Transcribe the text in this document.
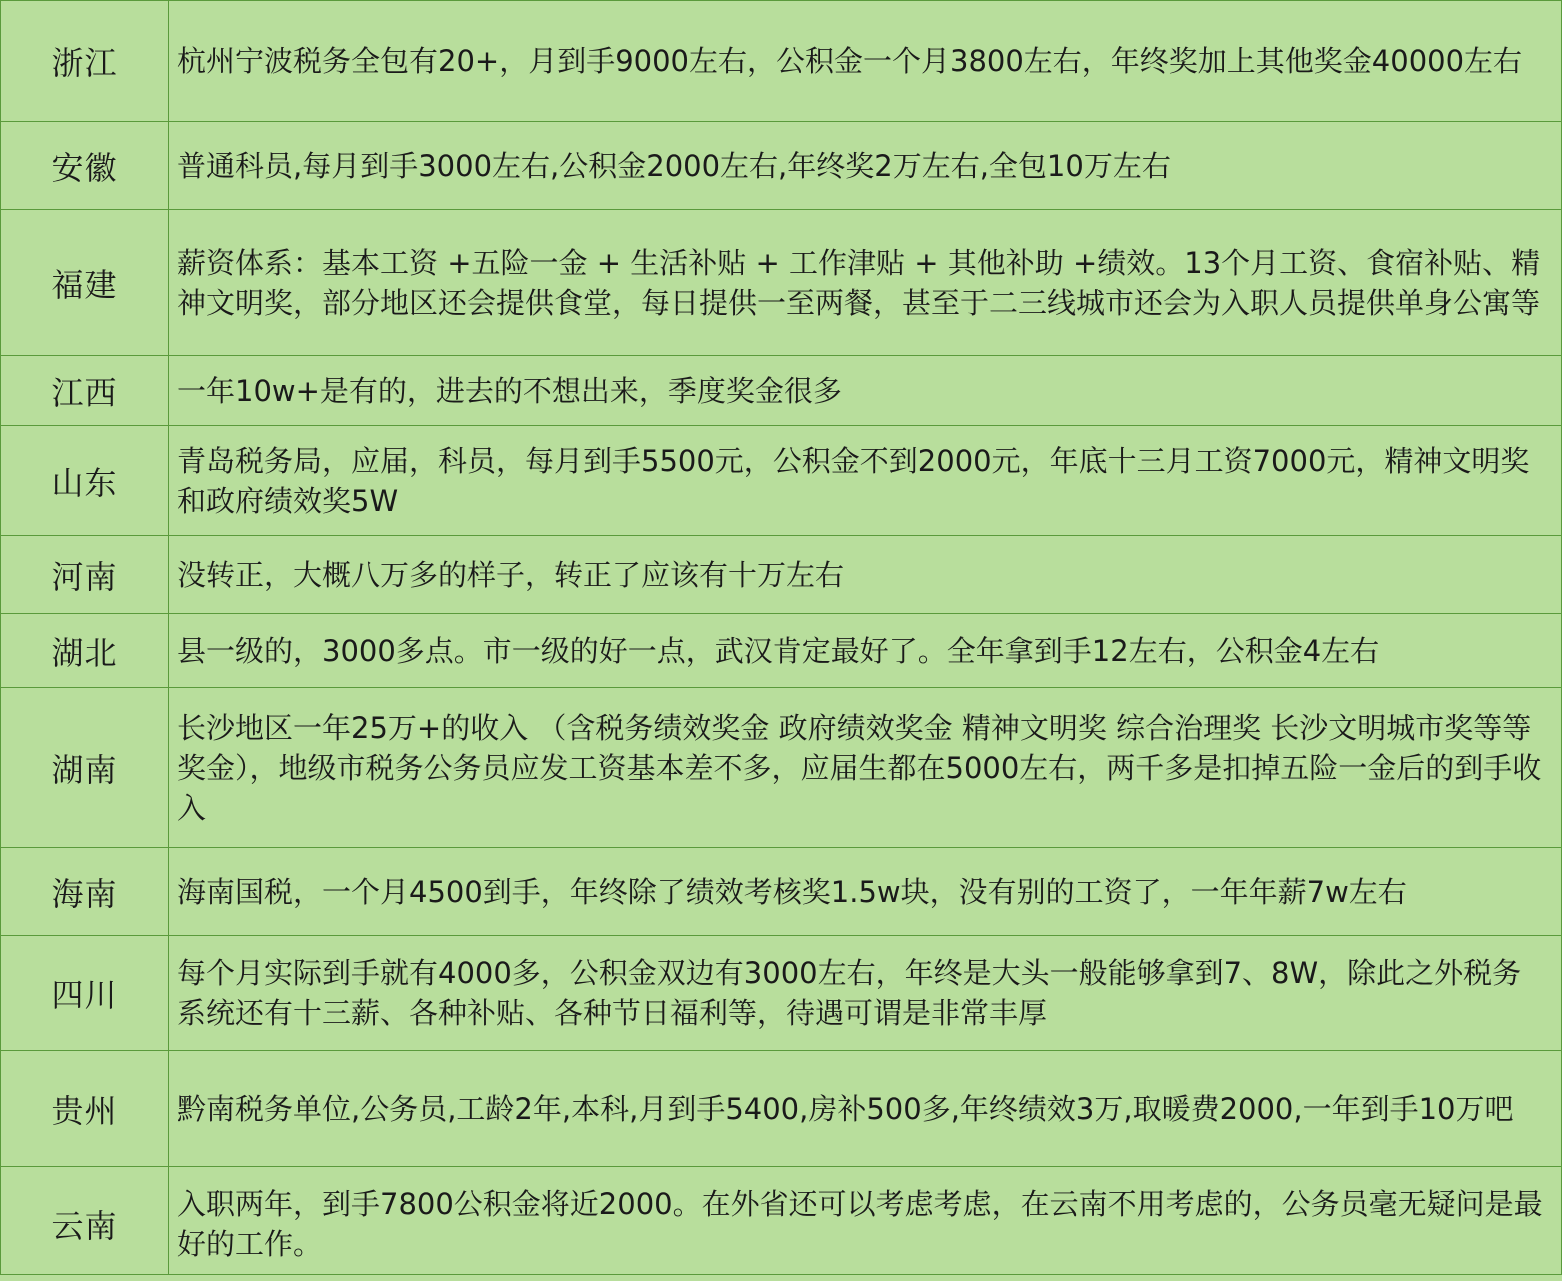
浙江	杭州宁波税务全包有20+，月到手9000左右，公积金一个月3800左右，年终奖加上其他奖金40000左右
安徽	普通科员,每月到手3000左右,公积金2000左右,年终奖2万左右,全包10万左右
福建	薪资体系：基本工资 +五险一金 + 生活补贴 + 工作津贴 + 其他补助 +绩效。13个月工资、食宿补贴、精神文明奖，部分地区还会提供食堂，每日提供一至两餐，甚至于二三线城市还会为入职人员提供单身公寓等
江西	一年10w+是有的，进去的不想出来，季度奖金很多
山东	青岛税务局，应届，科员，每月到手5500元，公积金不到2000元，年底十三月工资7000元，精神文明奖和政府绩效奖5W
河南	没转正，大概八万多的样子，转正了应该有十万左右
湖北	县一级的，3000多点。市一级的好一点，武汉肯定最好了。全年拿到手12左右，公积金4左右
湖南	长沙地区一年25万+的收入 （含税务绩效奖金 政府绩效奖金 精神文明奖 综合治理奖 长沙文明城市奖等等奖金），地级市税务公务员应发工资基本差不多，应届生都在5000左右，两千多是扣掉五险一金后的到手收入
海南	海南国税，一个月4500到手，年终除了绩效考核奖1.5w块，没有别的工资了，一年年薪7w左右
四川	每个月实际到手就有4000多，公积金双边有3000左右，年终是大头一般能够拿到7、8W，除此之外税务系统还有十三薪、各种补贴、各种节日福利等，待遇可谓是非常丰厚
贵州	黔南税务单位,公务员,工龄2年,本科,月到手5400,房补500多,年终绩效3万,取暖费2000,一年到手10万吧
云南	入职两年，到手7800公积金将近2000。在外省还可以考虑考虑，在云南不用考虑的，公务员毫无疑问是最好的工作。
